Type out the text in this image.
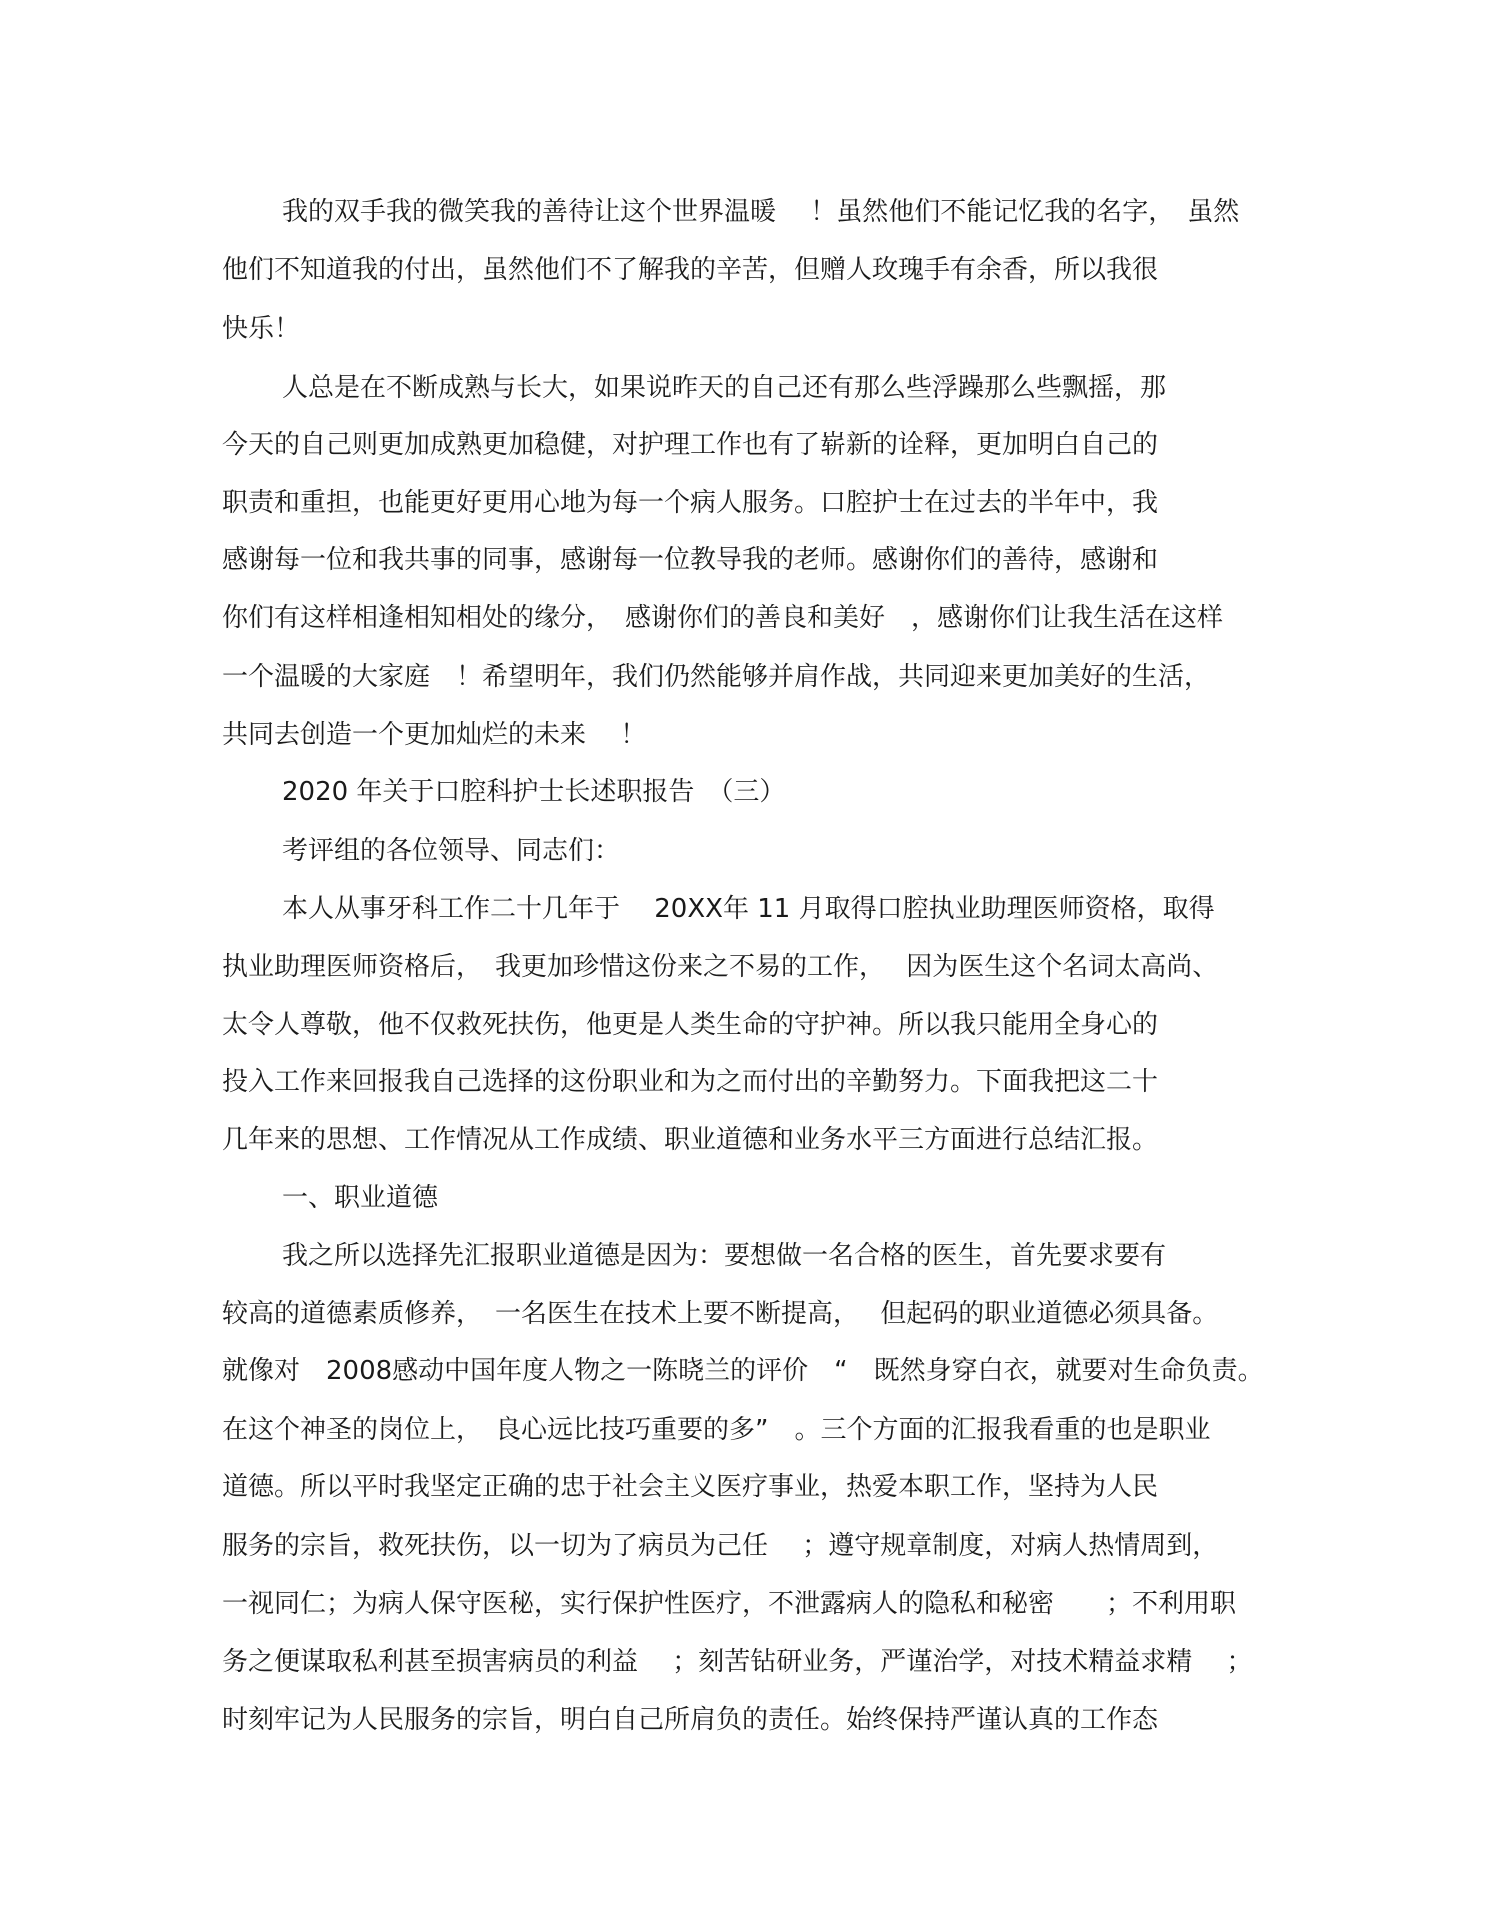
我的双手我的微笑我的善待让这个世界温暖　 ！虽然他们不能记忆我的名字，　虽然
他们不知道我的付出，虽然他们不了解我的辛苦，但赠人玫瑰手有余香，所以我很
快乐！
人总是在不断成熟与长大，如果说昨天的自己还有那么些浮躁那么些飘摇，那
今天的自己则更加成熟更加稳健，对护理工作也有了崭新的诠释，更加明白自己的
职责和重担，也能更好更用心地为每一个病人服务。口腔护士在过去的半年中，我
感谢每一位和我共事的同事，感谢每一位教导我的老师。感谢你们的善待，感谢和
你们有这样相逢相知相处的缘分，　感谢你们的善良和美好　，感谢你们让我生活在这样
一个温暖的大家庭　！希望明年，我们仍然能够并肩作战，共同迎来更加美好的生活，
共同去创造一个更加灿烂的未来　 ！
2020 年关于口腔科护士长述职报告　（三）
考评组的各位领导、同志们：
本人从事牙科工作二十几年于　 20XX年 11 月取得口腔执业助理医师资格，取得
执业助理医师资格后，　我更加珍惜这份来之不易的工作，　 因为医生这个名词太高尚、
太令人尊敬，他不仅救死扶伤，他更是人类生命的守护神。所以我只能用全身心的
投入工作来回报我自己选择的这份职业和为之而付出的辛勤努力。下面我把这二十
几年来的思想、工作情况从工作成绩、职业道德和业务水平三方面进行总结汇报。
一、职业道德
我之所以选择先汇报职业道德是因为：要想做一名合格的医生，首先要求要有
较高的道德素质修养，　一名医生在技术上要不断提高，　 但起码的职业道德必须具备。
就像对　2008感动中国年度人物之一陈晓兰的评价　“　既然身穿白衣，就要对生命负责。
在这个神圣的岗位上，　良心远比技巧重要的多”　。三个方面的汇报我看重的也是职业
道德。所以平时我坚定正确的忠于社会主义医疗事业，热爱本职工作，坚持为人民
服务的宗旨，救死扶伤，以一切为了病员为己任　 ；遵守规章制度，对病人热情周到，
一视同仁；为病人保守医秘，实行保护性医疗，不泄露病人的隐私和秘密　　；不利用职
务之便谋取私利甚至损害病员的利益　 ；刻苦钻研业务，严谨治学，对技术精益求精　 ；
时刻牢记为人民服务的宗旨，明白自己所肩负的责任。始终保持严谨认真的工作态
